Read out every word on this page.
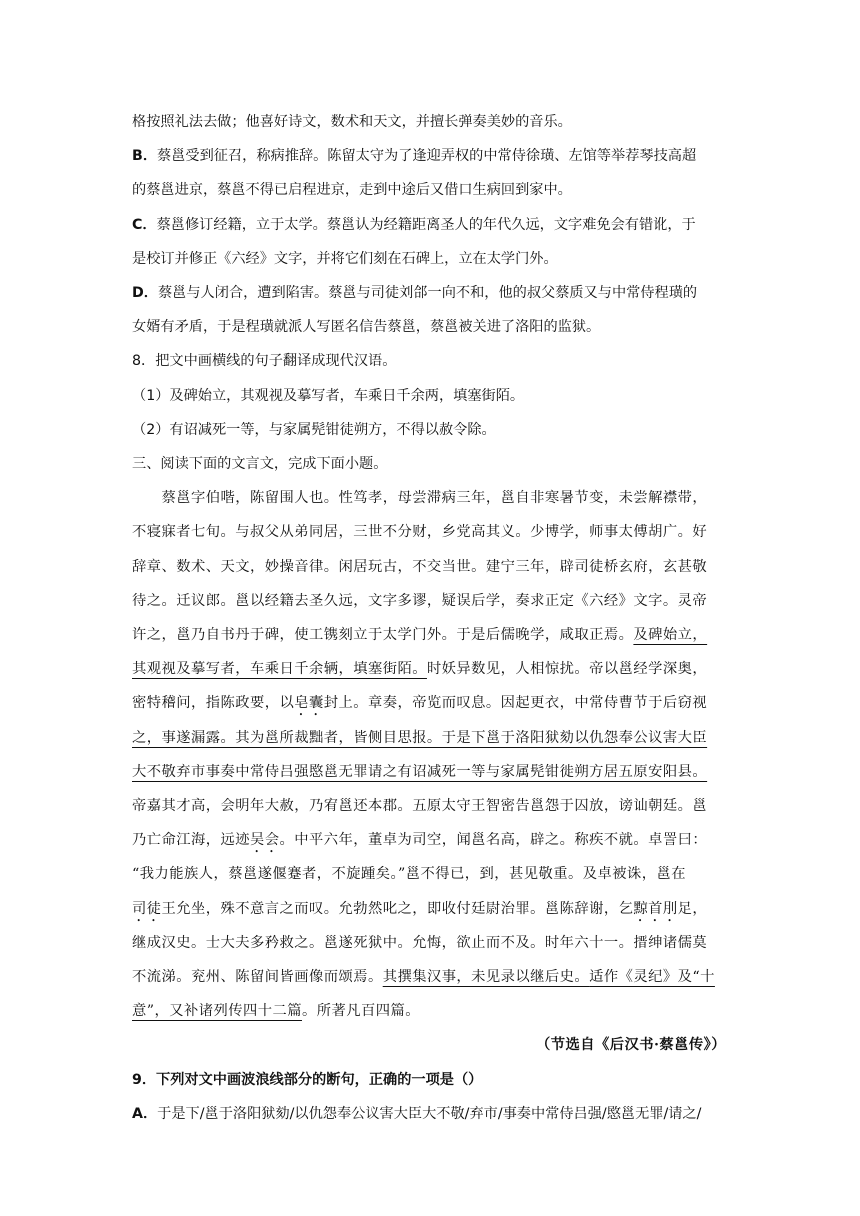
格按照礼法去做；他喜好诗文，数术和天文，并擅长弹奏美妙的音乐。
B．蔡邕受到征召，称病推辞。陈留太守为了逢迎弄权的中常侍徐璜、左馆等举荐琴技高超
的蔡邕进京，蔡邕不得已启程进京，走到中途后又借口生病回到家中。
C．蔡邕修订经籍，立于太学。蔡邕认为经籍距离圣人的年代久远，文字难免会有错讹，于
是校订并修正《六经》文字，并将它们刻在石碑上，立在太学门外。
D．蔡邕与人闭合，遭到陷害。蔡邕与司徒刘郃一向不和，他的叔父蔡质又与中常侍程璜的
女婿有矛盾，于是程璜就派人写匿名信告蔡邕，蔡邕被关进了洛阳的监狱。
8．把文中画横线的句子翻译成现代汉语。
（1）及碑始立，其观视及摹写者，车乘日千余两，填塞街陌。
（2）有诏减死一等，与家属髡钳徒朔方，不得以赦令除。
三、阅读下面的文言文，完成下面小题。
　　蔡邕字伯喈，陈留围人也。性笃孝，母尝滞病三年，邕自非寒暑节变，未尝解襟带，
不寝寐者七旬。与叔父从弟同居，三世不分财，乡党高其义。少博学，师事太傅胡广。好
辞章、数术、天文，妙操音律。闲居玩古，不交当世。建宁三年，辟司徒桥玄府，玄甚敬
待之。迁议郎。邕以经籍去圣久远，文字多谬，疑误后学，奏求正定《六经》文字。灵帝
许之，邕乃自书丹于碑，使工镌刻立于太学门外。于是后儒晚学，咸取正焉。及碑始立，
其观视及摹写者，车乘日千余辆，填塞街陌。时妖异数见，人相惊扰。帝以邕经学深奥，
密特稽问，指陈政要，以皂囊封上。章奏，帝览而叹息。因起更衣，中常侍曹节于后窃视
之，事遂漏露。其为邕所裁黜者，皆侧目思报。于是下邕于洛阳狱劾以仇怨奉公议害大臣
大不敬弃市事奏中常侍吕强愍邕无罪请之有诏减死一等与家属髡钳徙朔方居五原安阳县。
帝嘉其才高，会明年大赦，乃宥邕还本郡。五原太守王智密告邕怨于囚放，谤讪朝廷。邕
乃亡命江海，远迹吴会。中平六年，董卓为司空，闻邕名高，辟之。称疾不就。卓詈曰：
“我力能族人，蔡邕遂偃蹇者，不旋踵矣。”邕不得已，到，甚见敬重。及卓被诛，邕在
司徒王允坐，殊不意言之而叹。允勃然叱之，即收付廷尉治罪。邕陈辞谢，乞黥首刖足，
继成汉史。士大夫多矜救之。邕遂死狱中。允悔，欲止而不及。时年六十一。搢绅诸儒莫
不流涕。兖州、陈留间皆画像而颂焉。其撰集汉事，未见录以继后史。适作《灵纪》及“十
意”，又补诸列传四十二篇。所著凡百四篇。
（节选自《后汉书·蔡邕传》）
9．下列对文中画波浪线部分的断句，正确的一项是（）
A．于是下/邕于洛阳狱劾/以仇怨奉公议害大臣大不敬/弃市/事奏中常侍吕强/愍邕无罪/请之/
